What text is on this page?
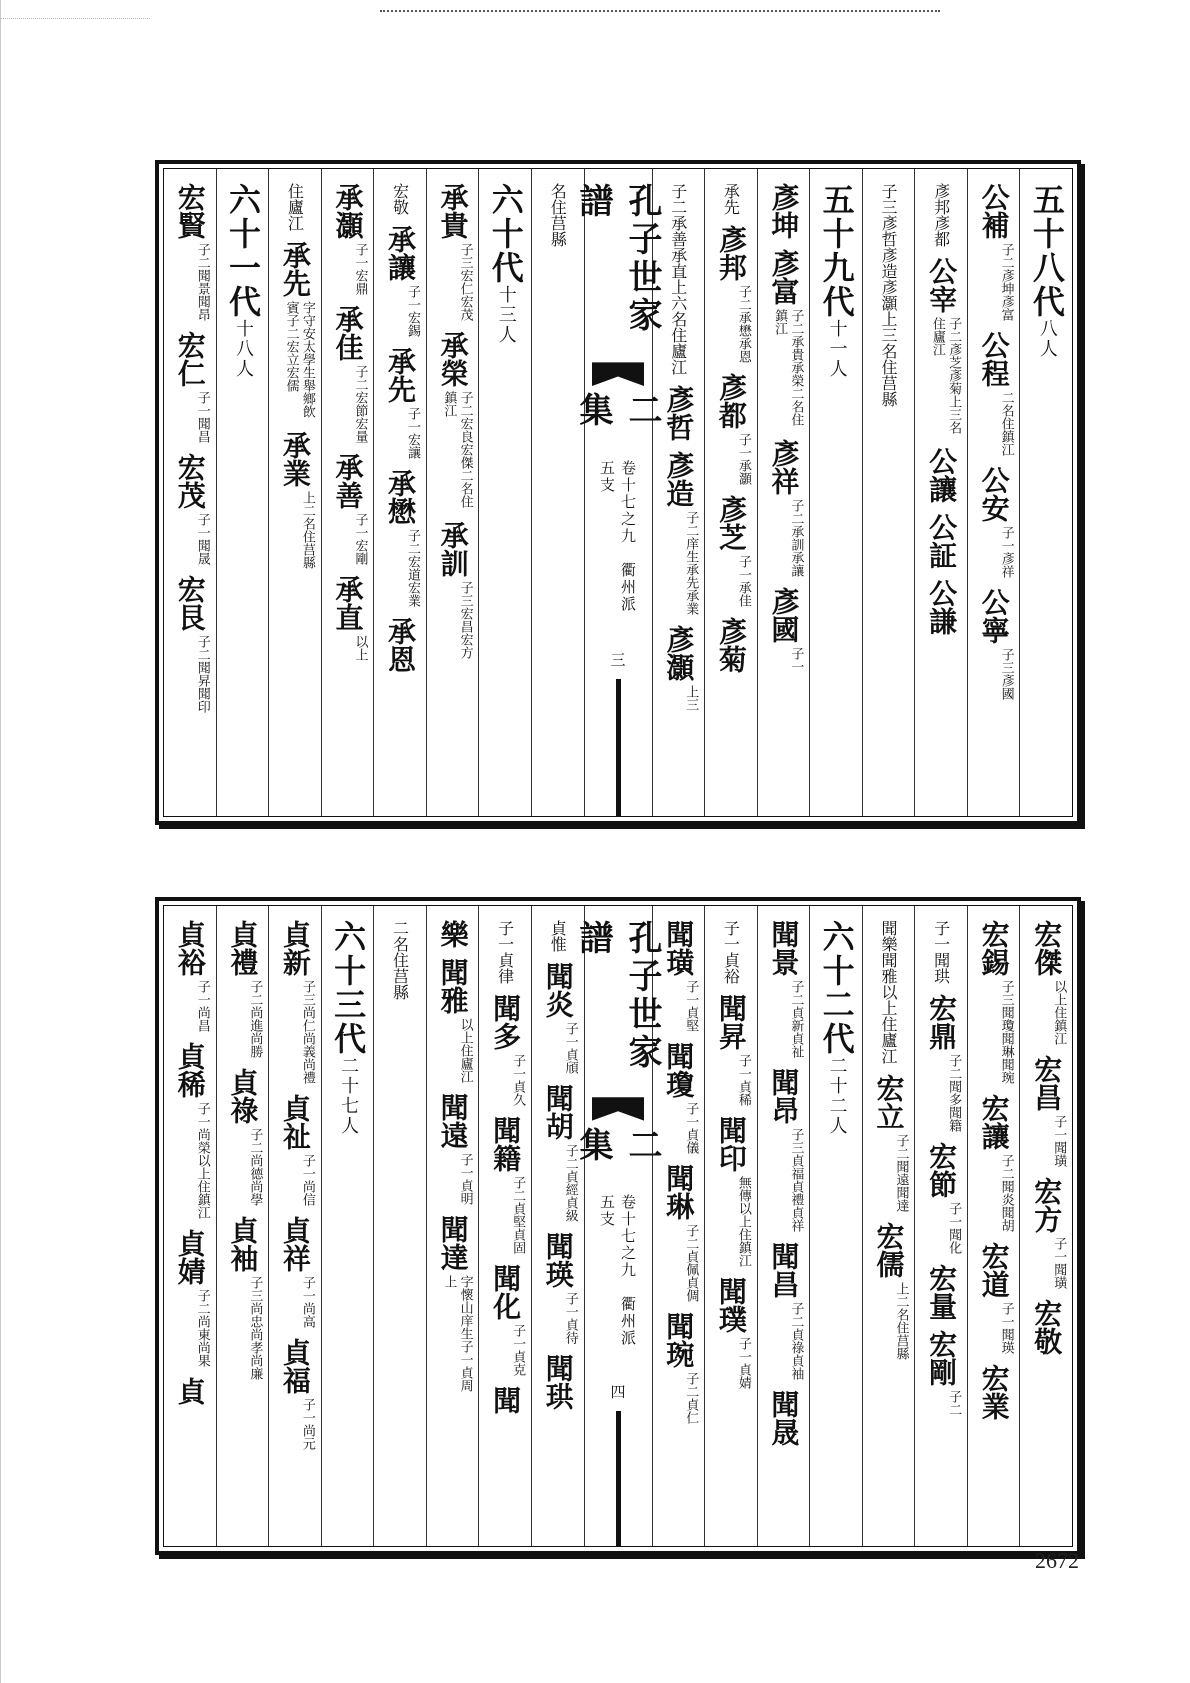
五十八代八人
公補
子二彥坤彥富
公程
二名住鎮江
公安
子一彥祥
公寧
子三彥國
彥邦彥都
公宰
子二彥芝彥菊上三名住廬江
公讓
公証
公謙
子三彥哲彥造彥灝上三名住莒縣
五十九代十一人
彥坤
彥富
子二承貴承榮二名住鎮江
彥祥
子二承訓承讓
彥國
子一
承先
彥邦
子二承懋承恩
彥都
子一承灝
彥芝
子一承佳
彥菊
子二承善承直上六名住廬江
彥哲
彥造
子二庠生承先承業
彥灝
上三
孔子世家譜
二集
卷十七之九　衢州派　五支
三
名住莒縣
六十代十三人
承貴
子三宏仁宏茂
承榮
子二宏良宏傑二名住鎮江
承訓
子三宏昌宏方
宏敬
承讓
子一宏錫
承先
子一宏讓
承懋
子二宏道宏業
承恩
承灝
子一宏鼎
承佳
子二宏節宏量
承善
子一宏剛
承直
以上
住廬江
承先
字守安太學生舉鄉飲賓子二宏立宏儒
承業
上二名住莒縣
六十一代十八人
宏賢
子二聞景聞昂
宏仁
子一聞昌
宏茂
子一聞晟
宏艮
子二聞昇聞印
宏傑
以上住鎮江
宏昌
子一聞璜
宏方
子一聞璜
宏敬
宏錫
子三聞瓊聞琳聞琬
宏讓
子二聞炎聞胡
宏道
子一聞瑛
宏業
子一聞珙
宏鼎
子二聞多聞籍
宏節
子一聞化
宏量
宏剛
子二
聞樂聞雅以上住廬江
宏立
子二聞遠聞達
宏儒
上二名住莒縣
六十二代二十二人
聞景
子二貞新貞祉
聞昂
子三貞福貞禮貞祥
聞昌
子二貞祿貞袖
聞晟
子一貞裕
聞昇
子一貞稀
聞印
無傳以上住鎮江
聞璞
子一貞婧
聞璜
子一貞堅
聞瓊
子一貞儀
聞琳
子二貞佩貞倜
聞琬
子二貞仁
孔子世家譜
二集
卷十七之九　衢州派　五支
四
貞惟
聞炎
子一貞頎
聞胡
子二貞經貞級
聞瑛
子一貞待
聞珙
子一貞律
聞多
子一貞久
聞籍
子二貞堅貞固
聞化
子一貞克
聞
樂
聞雅
以上住廬江
聞遠
子一貞明
聞達
字懷山庠生子一貞周上
二名住莒縣
六十三代二十七人
貞新
子三尚仁尚義尚禮
貞祉
子一尚信
貞祥
子一尚高
貞福
子一尚元
貞禮
子二尚進尚勝
貞祿
子二尚德尚學
貞袖
子三尚忠尚孝尚廉
貞裕
子一尚昌
貞稀
子一尚榮以上住鎮江
貞婧
子二尚東尚果
貞
2672
